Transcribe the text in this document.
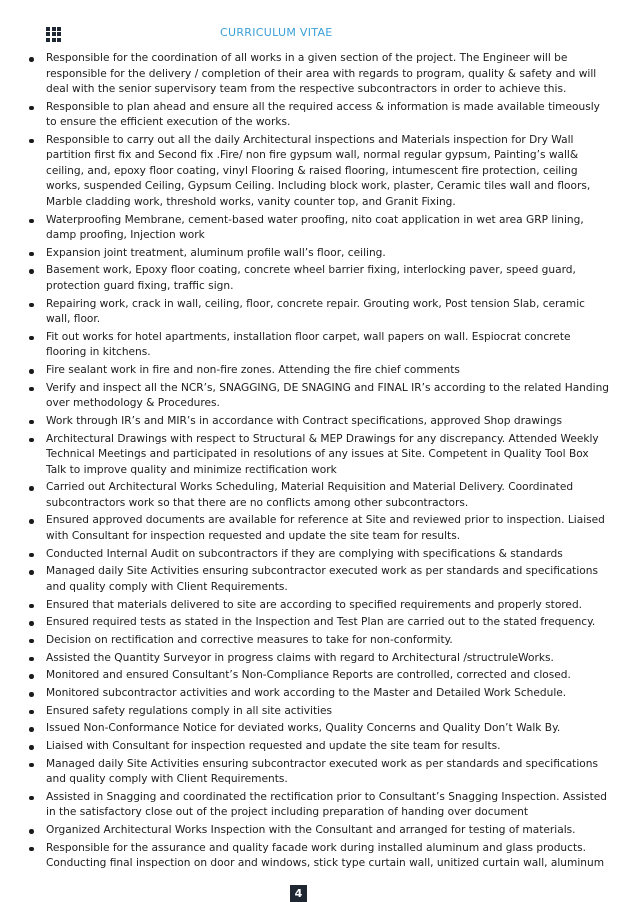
CURRICULUM VITAE
Responsible for the coordination of all works in a given section of the project. The Engineer will be responsible for the delivery / completion of their area with regards to program, quality & safety and will deal with the senior supervisory team from the respective subcontractors in order to achieve this.
Responsible to plan ahead and ensure all the required access & information is made available timeously to ensure the efficient execution of the works.
Responsible to carry out all the daily Architectural inspections and Materials inspection for Dry Wall partition first fix and Second fix .Fire/ non fire gypsum wall, normal regular gypsum, Painting’s wall& ceiling, and, epoxy floor coating, vinyl Flooring & raised flooring, intumescent fire protection, ceiling works, suspended Ceiling, Gypsum Ceiling. Including block work, plaster, Ceramic tiles wall and floors, Marble cladding work, threshold works, vanity counter top, and Granit Fixing.
Waterproofing Membrane, cement-based water proofing, nito coat application in wet area GRP lining, damp proofing, Injection work
Expansion joint treatment, aluminum profile wall’s floor, ceiling.
Basement work, Epoxy floor coating, concrete wheel barrier fixing, interlocking paver, speed guard, protection guard fixing, traffic sign.
Repairing work, crack in wall, ceiling, floor, concrete repair. Grouting work, Post tension Slab, ceramic wall, floor.
Fit out works for hotel apartments, installation floor carpet, wall papers on wall. Espiocrat concrete flooring in kitchens.
Fire sealant work in fire and non-fire zones. Attending the fire chief comments
Verify and inspect all the NCR’s, SNAGGING, DE SNAGING and FINAL IR’s according to the related Handing over methodology & Procedures.
Work through IR’s and MIR’s in accordance with Contract specifications, approved Shop drawings
Architectural Drawings with respect to Structural & MEP Drawings for any discrepancy. Attended Weekly Technical Meetings and participated in resolutions of any issues at Site. Competent in Quality Tool Box Talk to improve quality and minimize rectification work
Carried out Architectural Works Scheduling, Material Requisition and Material Delivery. Coordinated subcontractors work so that there are no conflicts among other subcontractors.
Ensured approved documents are available for reference at Site and reviewed prior to inspection. Liaised with Consultant for inspection requested and update the site team for results.
Conducted Internal Audit on subcontractors if they are complying with specifications & standards
Managed daily Site Activities ensuring subcontractor executed work as per standards and specifications and quality comply with Client Requirements.
Ensured that materials delivered to site are according to specified requirements and properly stored.
Ensured required tests as stated in the Inspection and Test Plan are carried out to the stated frequency.
Decision on rectification and corrective measures to take for non-conformity.
Assisted the Quantity Surveyor in progress claims with regard to Architectural /structruleWorks.
Monitored and ensured Consultant’s Non-Compliance Reports are controlled, corrected and closed.
Monitored subcontractor activities and work according to the Master and Detailed Work Schedule.
Ensured safety regulations comply in all site activities
Issued Non-Conformance Notice for deviated works, Quality Concerns and Quality Don’t Walk By.
Liaised with Consultant for inspection requested and update the site team for results.
Managed daily Site Activities ensuring subcontractor executed work as per standards and specifications and quality comply with Client Requirements.
Assisted in Snagging and coordinated the rectification prior to Consultant’s Snagging Inspection. Assisted in the satisfactory close out of the project including preparation of handing over document
Organized Architectural Works Inspection with the Consultant and arranged for testing of materials.
Responsible for the assurance and quality facade work during installed aluminum and glass products. Conducting final inspection on door and windows, stick type curtain wall, unitized curtain wall, aluminum
4
